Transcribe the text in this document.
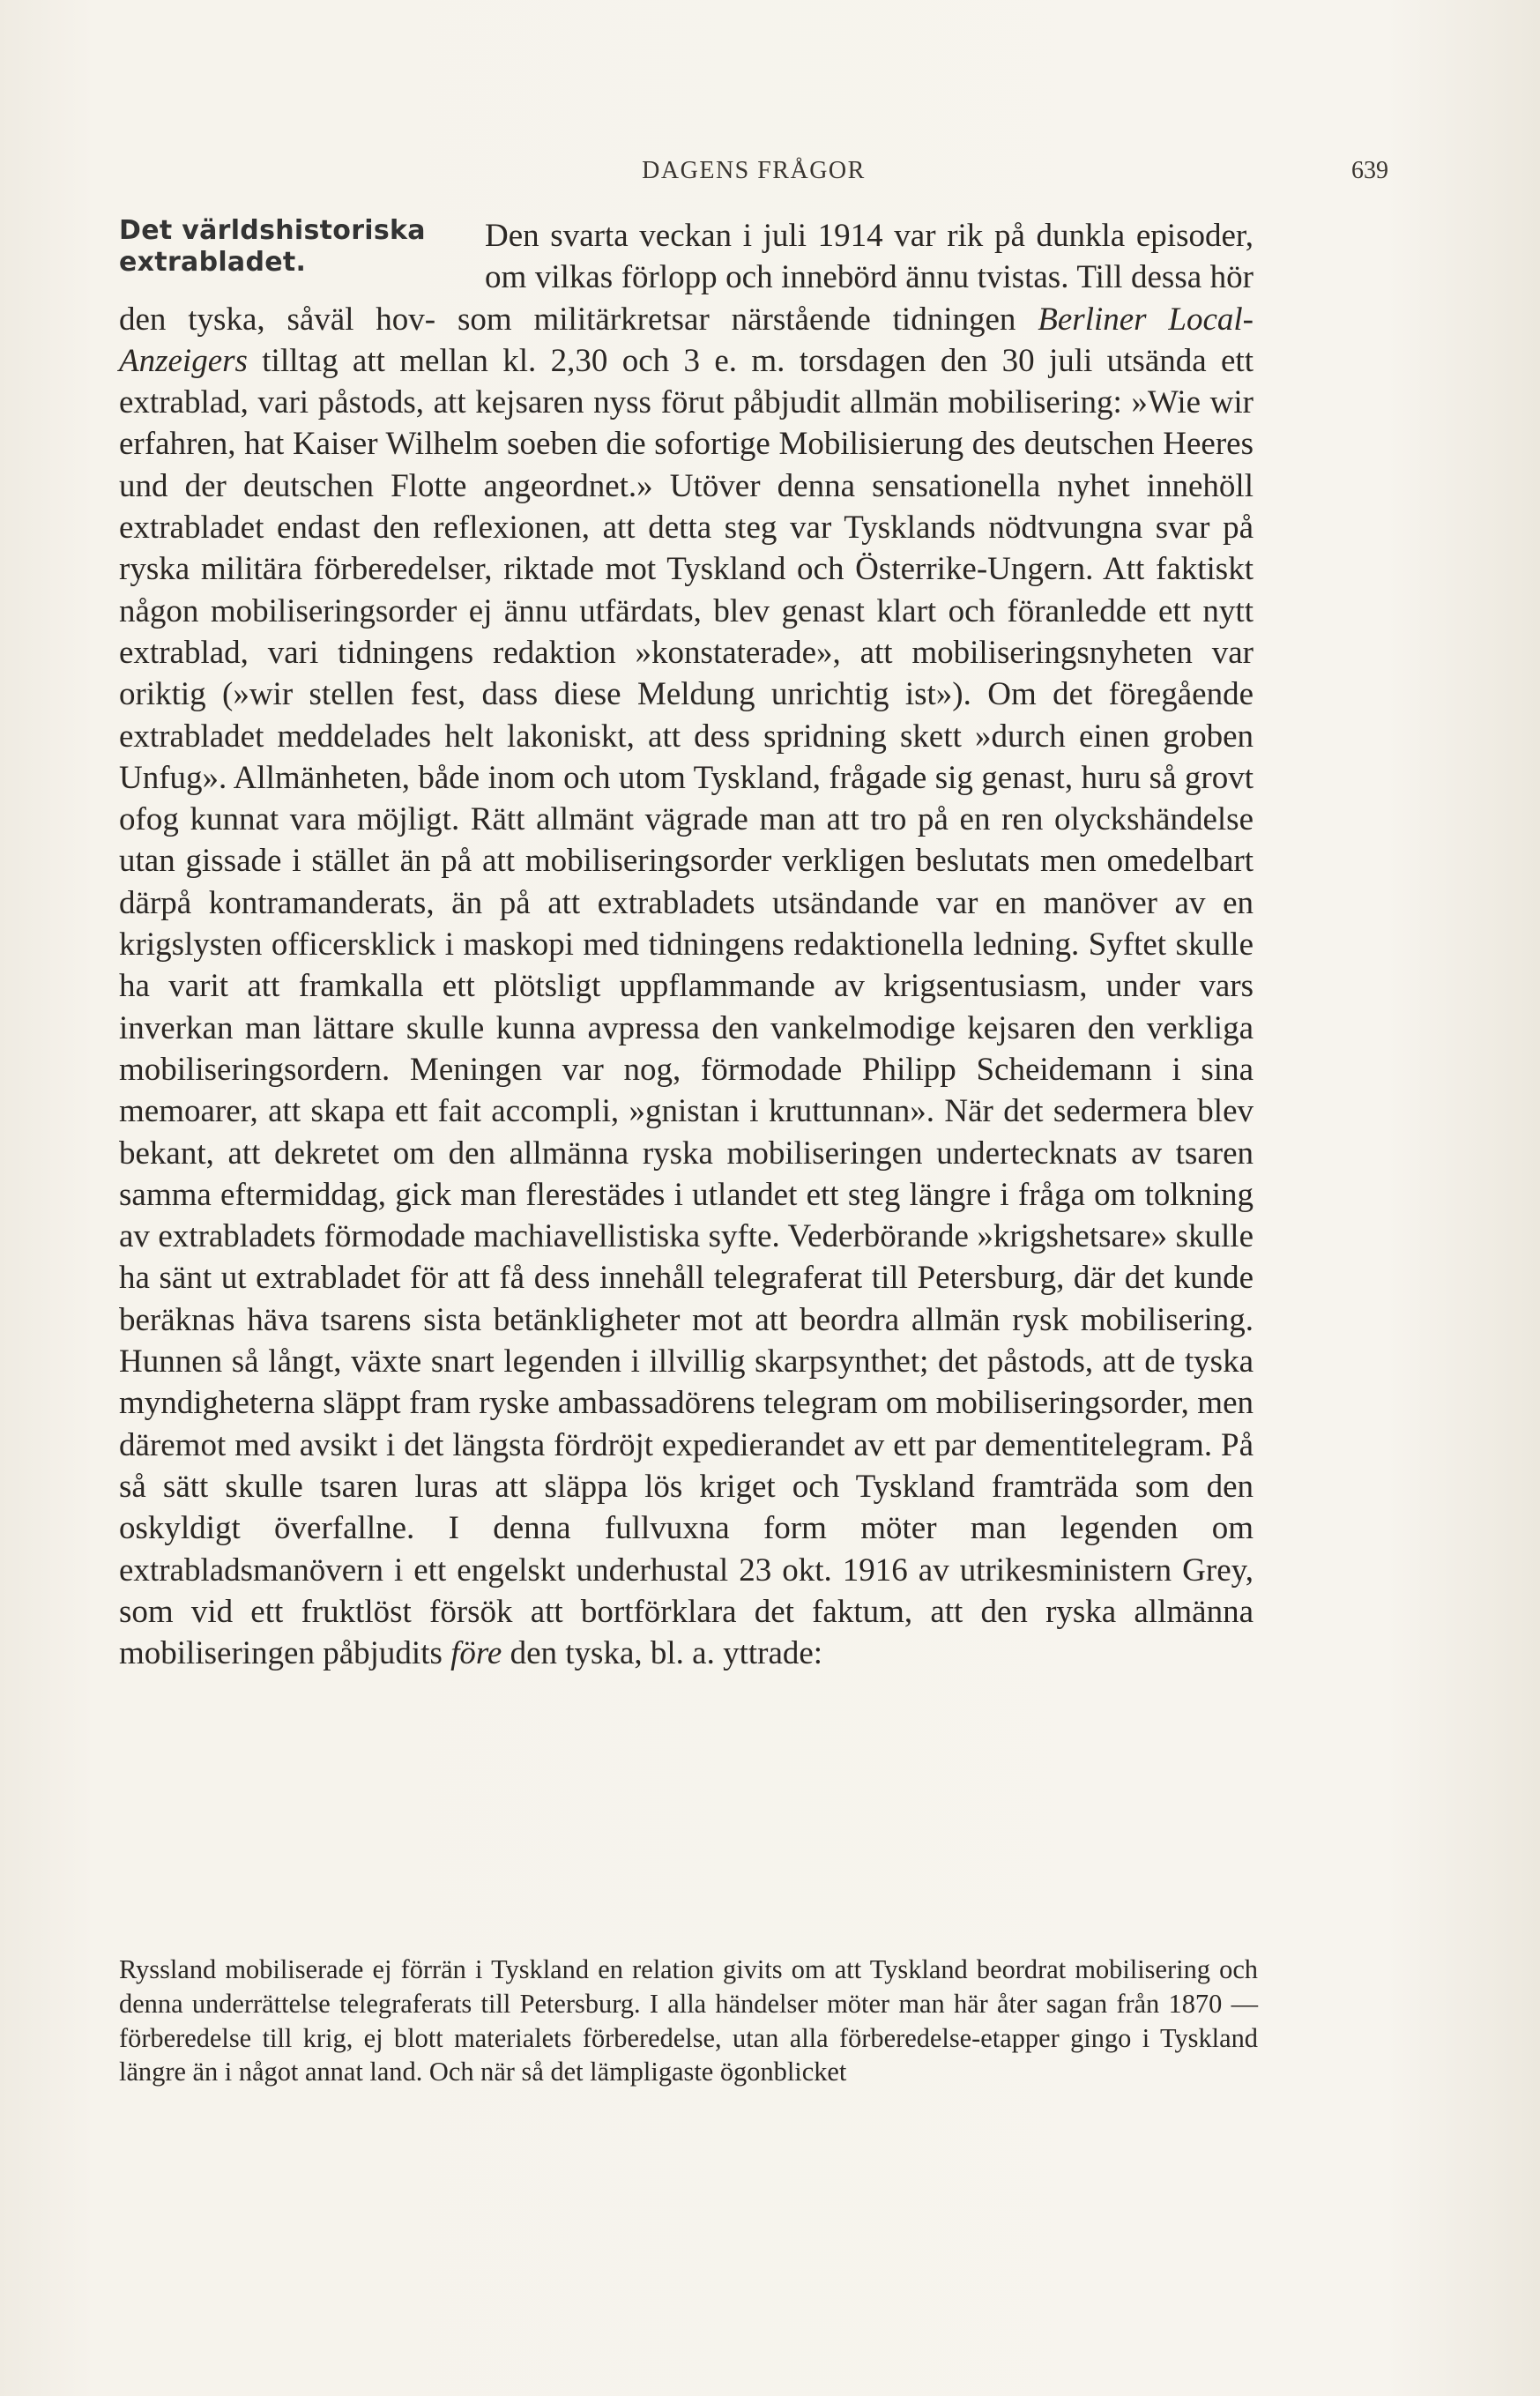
DAGENS FRÅGOR	639
Det världshistoriska
extrabladet.

Den svarta veckan i juli 1914 var rik på dunkla episoder, om vilkas förlopp och innebörd ännu tvistas. Till dessa hör den tyska, såväl hov- som militärkretsar närstående tidningen Berliner Local-Anzeigers tilltag att mellan kl. 2,30 och 3 e. m. torsdagen den 30 juli utsända ett extrablad, vari påstods, att kejsaren nyss förut påbjudit allmän mobilisering: »Wie wir erfahren, hat Kaiser Wilhelm soeben die sofortige Mobilisierung des deutschen Heeres und der deutschen Flotte angeordnet.» Utöver denna sensationella nyhet innehöll extrabladet endast den reflexionen, att detta steg var Tysklands nödtvungna svar på ryska militära förberedelser, riktade mot Tyskland och Österrike-Ungern. Att faktiskt någon mobiliseringsorder ej ännu utfärdats, blev genast klart och föranledde ett nytt extrablad, vari tidningens redaktion »konstaterade», att mobiliseringsnyheten var oriktig (»wir stellen fest, dass diese Meldung unrichtig ist»). Om det föregående extrabladet meddelades helt lakoniskt, att dess spridning skett »durch einen groben Unfug». Allmänheten, både inom och utom Tyskland, frågade sig genast, huru så grovt ofog kunnat vara möjligt. Rätt allmänt vägrade man att tro på en ren olyckshändelse utan gissade i stället än på att mobiliseringsorder verkligen beslutats men omedelbart därpå kontramanderats, än på att extrabladets utsändande var en manöver av en krigslysten officersklick i maskopi med tidningens redaktionella ledning. Syftet skulle ha varit att framkalla ett plötsligt uppflammande av krigsentusiasm, under vars inverkan man lättare skulle kunna avpressa den vankelmodige kejsaren den verkliga mobiliseringsordern. Meningen var nog, förmodade Philipp Scheidemann i sina memoarer, att skapa ett fait accompli, »gnistan i kruttunnan». När det sedermera blev bekant, att dekretet om den allmänna ryska mobiliseringen undertecknats av tsaren samma eftermiddag, gick man flerestädes i utlandet ett steg längre i fråga om tolkning av extrabladets förmodade machiavellistiska syfte. Vederbörande »krigshetsare» skulle ha sänt ut extrabladet för att få dess innehåll telegraferat till Petersburg, där det kunde beräknas häva tsarens sista betänkligheter mot att beordra allmän rysk mobilisering. Hunnen så långt, växte snart legenden i illvillig skarpsynthet; det påstods, att de tyska myndigheterna släppt fram ryske ambassadörens telegram om mobiliseringsorder, men däremot med avsikt i det längsta fördröjt expedierandet av ett par dementitelegram. På så sätt skulle tsaren luras att släppa lös kriget och Tyskland framträda som den oskyldigt överfallne. I denna fullvuxna form möter man legenden om extrabladsmanövern i ett engelskt underhustal 23 okt. 1916 av utrikesministern Grey, som vid ett fruktlöst försök att bortförklara det faktum, att den ryska allmänna mobiliseringen påbjudits före den tyska, bl. a. yttrade:

Ryssland mobiliserade ej förrän i Tyskland en relation givits om att Tyskland beordrat mobilisering och denna underrättelse telegraferats till Petersburg. I alla händelser möter man här åter sagan från 1870 — förberedelse till krig, ej blott materialets förberedelse, utan alla förberedelse-etapper gingo i Tyskland längre än i något annat land. Och när så det lämpligaste ögonblicket
